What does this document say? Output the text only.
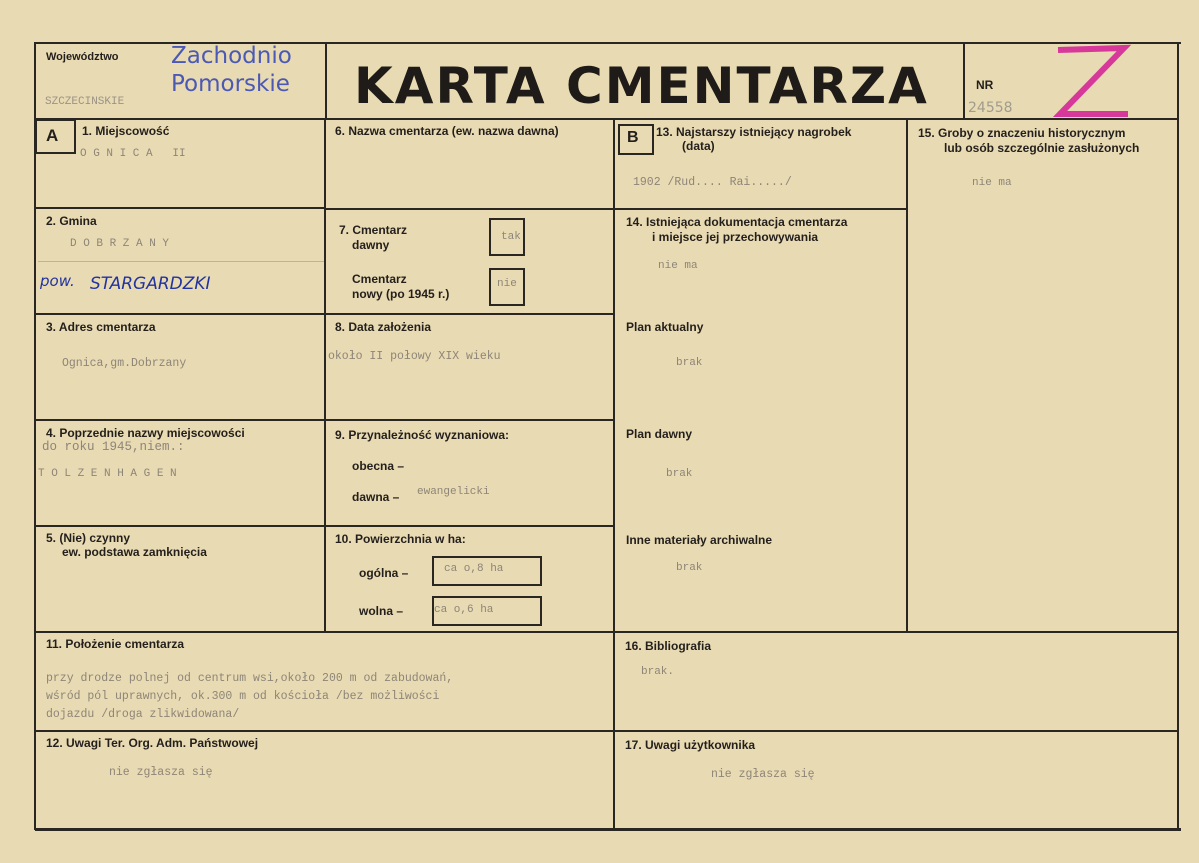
Województwo Zachodnio
Pomorskie
SZCZECINSKIE	KARTA CMENTARZA	NR
24558
A 1. Miejscowość
O G N I C A   II
2. Gmina
D O B R Z A N Y
pow. STARGARDZKI
3. Adres cmentarza
Ognica,gm.Dobrzany
4. Poprzednie nazwy miejscowości
do roku 1945,niem.:
T O L Z E N H A G E N
5. (Nie) czynny
ew. podstawa zamknięcia
6. Nazwa cmentarza (ew. nazwa dawna)
7. Cmentarz
dawny
tak
Cmentarz
nowy (po 1945 r.)
nie
8. Data założenia
około II połowy XIX wieku
9. Przynależność wyznaniowa:
obecna –
dawna – ewangelicki
10. Powierzchnia w ha:
ogólna –	ca o,8 ha
wolna –	ca o,6 ha
B 13. Najstarszy istniejący nagrobek
(data)
1902 /Rud.... Rai...../
14. Istniejąca dokumentacja cmentarza
i miejsce jej przechowywania
nie ma
Plan aktualny
brak
Plan dawny
brak
Inne materiały archiwalne
brak
15. Groby o znaczeniu historycznym
lub osób szczególnie zasłużonych
nie ma
11. Położenie cmentarza
przy drodze polnej od centrum wsi,około 200 m od zabudowań,
wśród pól uprawnych, ok.300 m od kościoła /bez możliwości
dojazdu /droga zlikwidowana/
16. Bibliografia
brak.
12. Uwagi Ter. Org. Adm. Państwowej
nie zgłasza się
17. Uwagi użytkownika
nie zgłasza się
